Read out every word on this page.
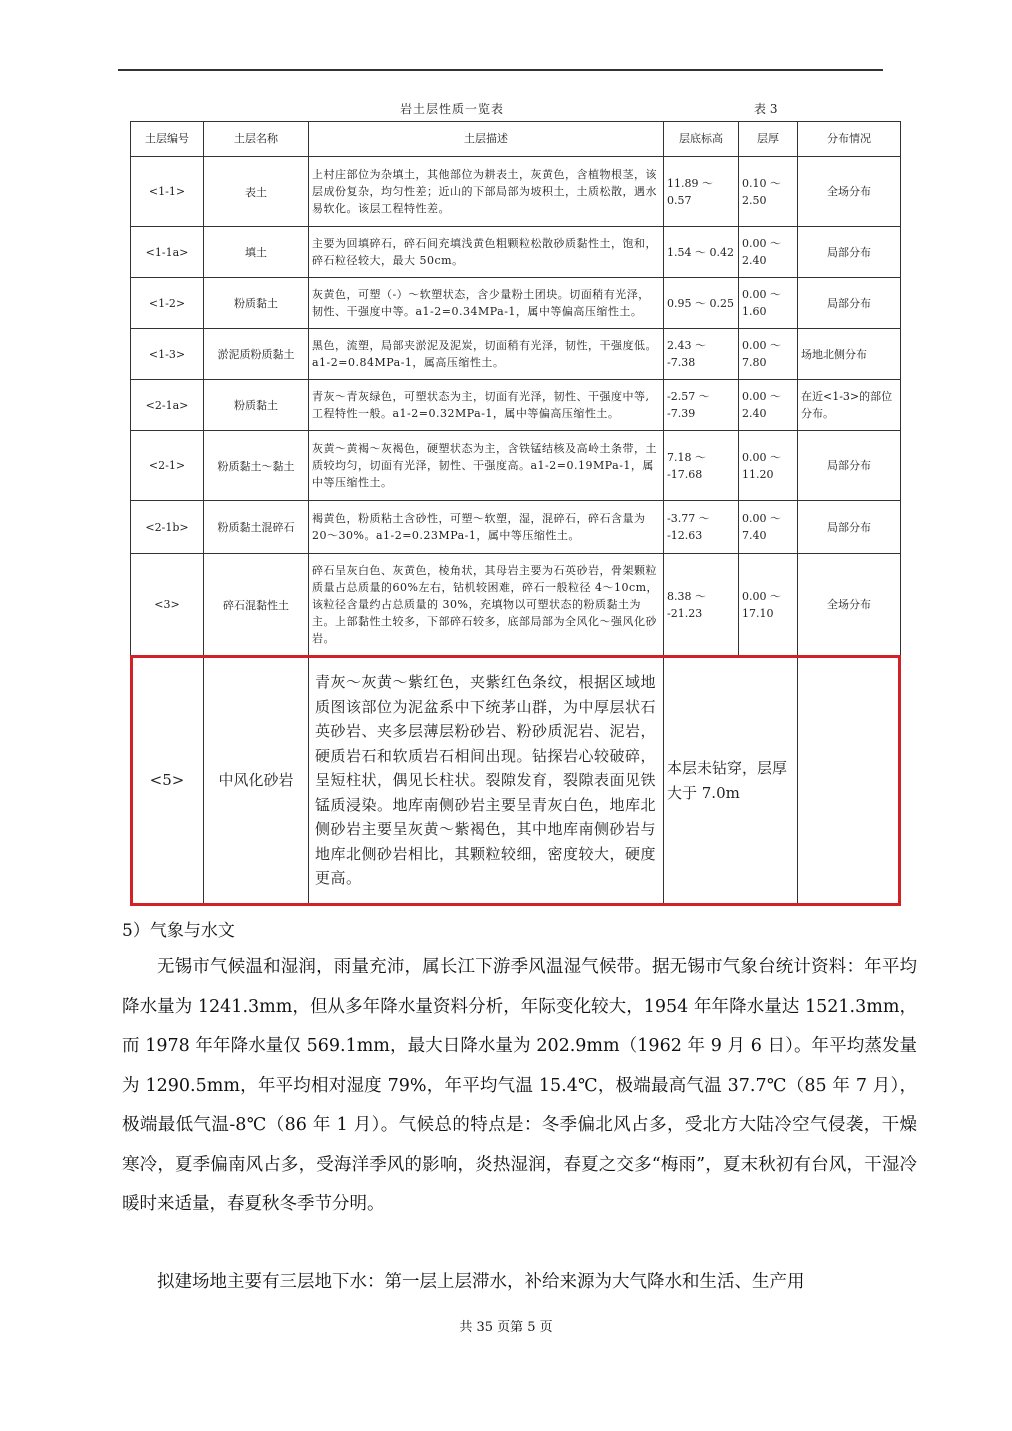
岩土层性质一览表	表 3
土层编号	土层名称	土层描述	层底标高	层厚	分布情况
<1-1>	表土	上村庄部位为杂填土，其他部位为耕表土，灰黄色，含植物根茎，该层成份复杂，均匀性差；近山的下部局部为坡积土，土质松散，遇水易软化。该层工程特性差。	11.89 ～ 0.57	0.10 ～ 2.50	全场分布
<1-1a>	填土	主要为回填碎石，碎石间充填浅黄色粗颗粒松散砂质黏性土，饱和，碎石粒径较大，最大 50cm。	1.54 ～ 0.42	0.00 ～ 2.40	局部分布
<1-2>	粉质黏土	灰黄色，可塑（-）～软塑状态，含少量粉土团块。切面稍有光泽，韧性、干强度中等。a1-2=0.34MPa-1，属中等偏高压缩性土。	0.95 ～ 0.25	0.00 ～ 1.60	局部分布
<1-3>	淤泥质粉质黏土	黑色，流塑，局部夹淤泥及泥炭，切面稍有光泽，韧性，干强度低。a1-2=0.84MPa-1，属高压缩性土。	2.43 ～ -7.38	0.00 ～ 7.80	场地北侧分布
<2-1a>	粉质黏土	青灰～青灰绿色，可塑状态为主，切面有光泽，韧性、干强度中等,工程特性一般。a1-2=0.32MPa-1，属中等偏高压缩性土。	-2.57 ～ -7.39	0.00 ～ 2.40	在近<1-3>的部位分布。
<2-1>	粉质黏土～黏土	灰黄～黄褐～灰褐色，硬塑状态为主，含铁锰结核及高岭土条带，土质较均匀，切面有光泽，韧性、干强度高。a1-2=0.19MPa-1，属中等压缩性土。	7.18 ～ -17.68	0.00 ～ 11.20	局部分布
<2-1b>	粉质黏土混碎石	褐黄色，粉质粘土含砂性，可塑～软塑，湿，混碎石，碎石含量为 20～30%。a1-2=0.23MPa-1，属中等压缩性土。	-3.77 ～ -12.63	0.00 ～ 7.40	局部分布
<3>	碎石混黏性土	碎石呈灰白色、灰黄色，棱角状，其母岩主要为石英砂岩，骨架颗粒质量占总质量的60%左右，钻机较困难，碎石一般粒径 4～10cm，该粒径含量约占总质量的 30%，充填物以可塑状态的粉质黏土为主。上部黏性土较多，下部碎石较多，底部局部为全风化～强风化砂岩。	8.38 ～ -21.23	0.00 ～ 17.10	全场分布
<5>	中风化砂岩	青灰～灰黄～紫红色，夹紫红色条纹，根据区域地质图该部位为泥盆系中下统茅山群，为中厚层状石英砂岩、夹多层薄层粉砂岩、粉砂质泥岩、泥岩，硬质岩石和软质岩石相间出现。钻探岩心较破碎，呈短柱状，偶见长柱状。裂隙发育，裂隙表面见铁锰质浸染。地库南侧砂岩主要呈青灰白色，地库北侧砂岩主要呈灰黄～紫褐色，其中地库南侧砂岩与地库北侧砂岩相比，其颗粒较细，密度较大，硬度更高。	本层未钻穿，层厚大于 7.0m		
5）气象与水文

无锡市气候温和湿润，雨量充沛，属长江下游季风温湿气候带。据无锡市气象台统计资料：年平均降水量为 1241.3mm，但从多年降水量资料分析，年际变化较大，1954 年年降水量达 1521.3mm，而 1978 年年降水量仅 569.1mm，最大日降水量为 202.9mm（1962 年 9 月 6 日）。年平均蒸发量为 1290.5mm，年平均相对湿度 79%，年平均气温 15.4℃，极端最高气温 37.7℃（85 年 7 月），极端最低气温-8℃（86 年 1 月）。气候总的特点是：冬季偏北风占多，受北方大陆冷空气侵袭，干燥寒冷，夏季偏南风占多，受海洋季风的影响，炎热湿润，春夏之交多“梅雨”，夏末秋初有台风，干湿冷暖时来适量，春夏秋冬季节分明。

拟建场地主要有三层地下水：第一层上层滞水，补给来源为大气降水和生活、生产用

共 35 页第 5 页
